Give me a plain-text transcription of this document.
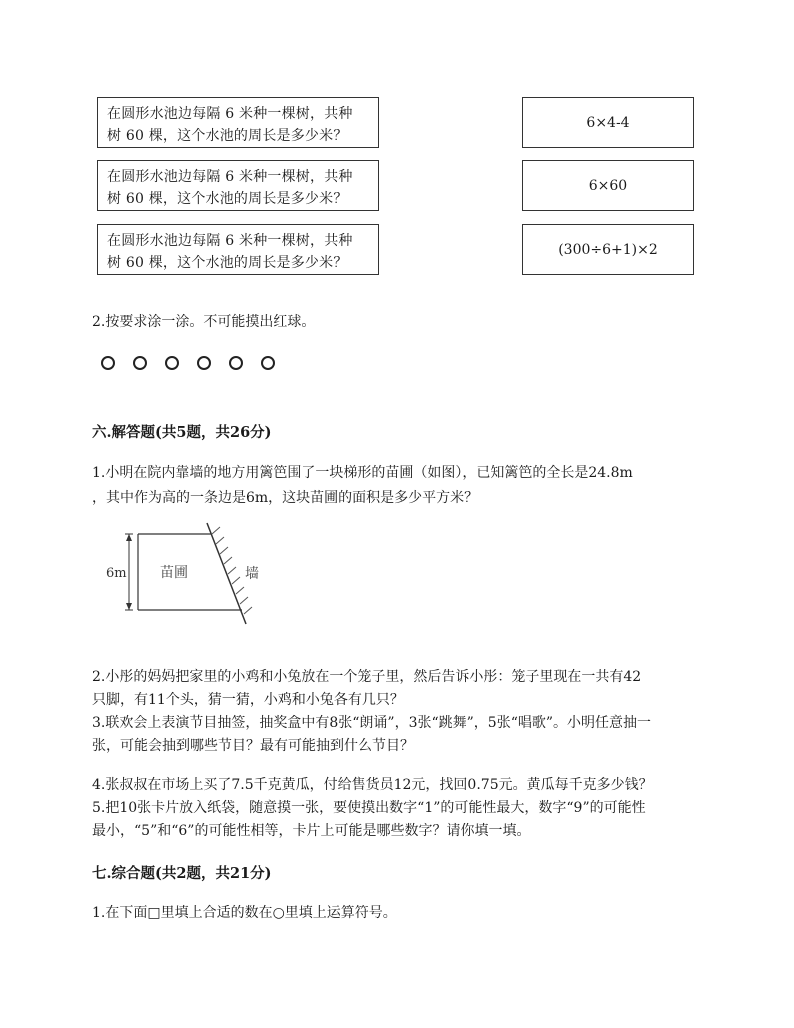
在圆形水池边每隔 6 米种一棵树，共种
树 60 棵，这个水池的周长是多少米？
在圆形水池边每隔 6 米种一棵树，共种
树 60 棵，这个水池的周长是多少米？
在圆形水池边每隔 6 米种一棵树，共种
树 60 棵，这个水池的周长是多少米？
6×4-4
6×60
(300÷6+1)×2
2.按要求涂一涂。不可能摸出红球。
六.解答题(共5题，共26分)
1.小明在院内靠墙的地方用篱笆围了一块梯形的苗圃（如图），已知篱笆的全长是24.8m
，其中作为高的一条边是6m，这块苗圃的面积是多少平方米？
6m 苗圃	墙
2.小彤的妈妈把家里的小鸡和小兔放在一个笼子里，然后告诉小彤：笼子里现在一共有42
只脚，有11个头，猜一猜，小鸡和小兔各有几只？
3.联欢会上表演节目抽签，抽奖盒中有8张“朗诵”，3张“跳舞”，5张“唱歌”。小明任意抽一
张，可能会抽到哪些节目？最有可能抽到什么节目？
4.张叔叔在市场上买了7.5千克黄瓜，付给售货员12元，找回0.75元。黄瓜每千克多少钱？
5.把10张卡片放入纸袋，随意摸一张，要使摸出数字“1”的可能性最大，数字“9”的可能性
最小，“5”和“6”的可能性相等，卡片上可能是哪些数字？请你填一填。
七.综合题(共2题，共21分)
1.在下面□里填上合适的数在○里填上运算符号。
